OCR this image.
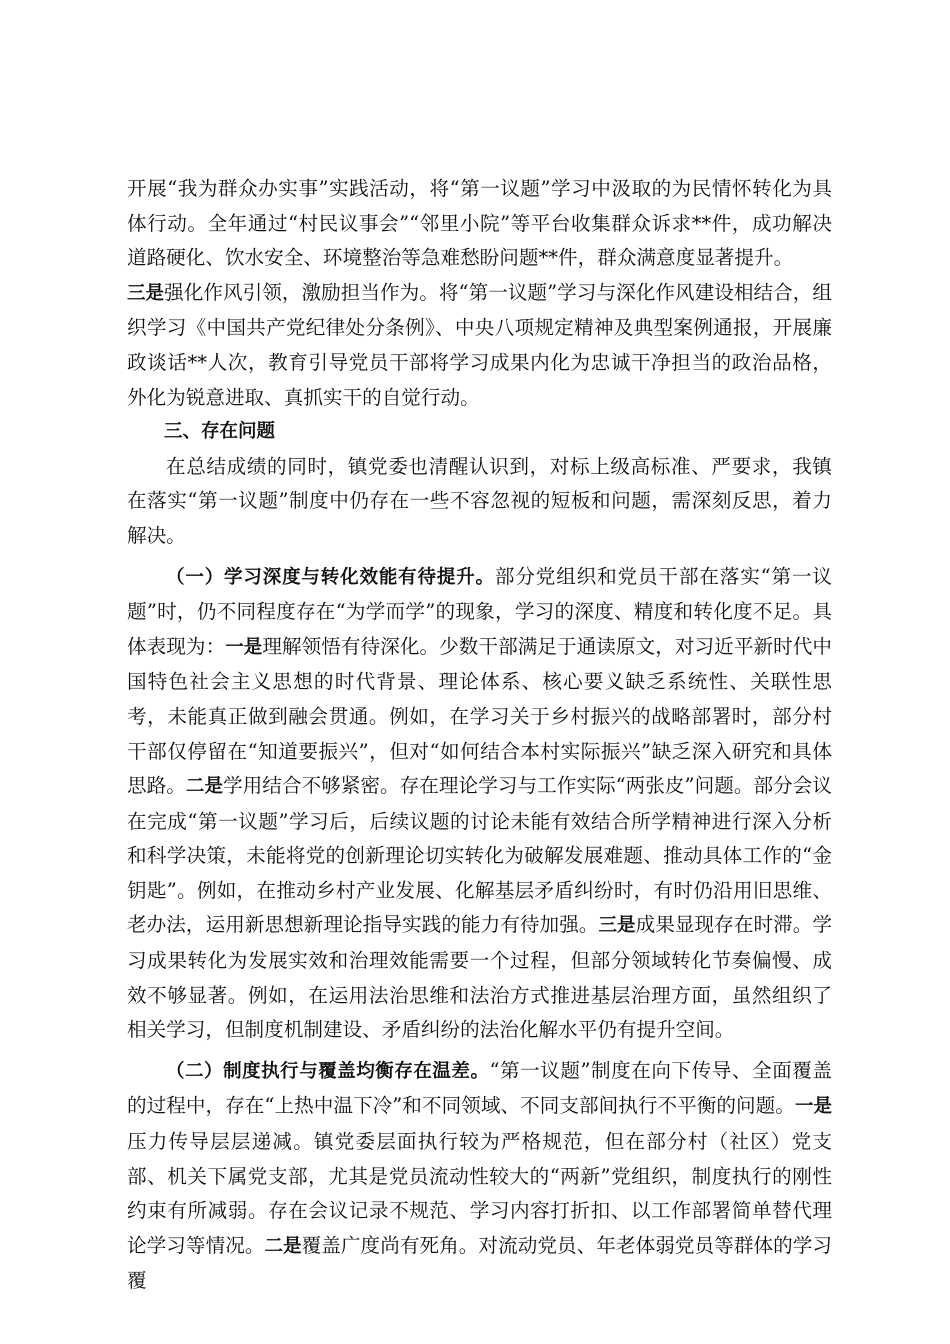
开展“我为群众办实事”实践活动，将“第一议题”学习中汲取的为民情怀转化为具体行动。全年通过“村民议事会”“邻里小院”等平台收集群众诉求**件，成功解决道路硬化、饮水安全、环境整治等急难愁盼问题**件，群众满意度显著提升。

三是强化作风引领，激励担当作为。将“第一议题”学习与深化作风建设相结合，组织学习《中国共产党纪律处分条例》、中央八项规定精神及典型案例通报，开展廉政谈话**人次，教育引导党员干部将学习成果内化为忠诚干净担当的政治品格，外化为锐意进取、真抓实干的自觉行动。

三、存在问题

在总结成绩的同时，镇党委也清醒认识到，对标上级高标准、严要求，我镇在落实“第一议题”制度中仍存在一些不容忽视的短板和问题，需深刻反思，着力解决。

（一）学习深度与转化效能有待提升。部分党组织和党员干部在落实“第一议题”时，仍不同程度存在“为学而学”的现象，学习的深度、精度和转化度不足。具体表现为：一是理解领悟有待深化。少数干部满足于通读原文，对习近平新时代中国特色社会主义思想的时代背景、理论体系、核心要义缺乏系统性、关联性思考，未能真正做到融会贯通。例如，在学习关于乡村振兴的战略部署时，部分村干部仅停留在“知道要振兴”，但对“如何结合本村实际振兴”缺乏深入研究和具体思路。二是学用结合不够紧密。存在理论学习与工作实际“两张皮”问题。部分会议在完成“第一议题”学习后，后续议题的讨论未能有效结合所学精神进行深入分析和科学决策，未能将党的创新理论切实转化为破解发展难题、推动具体工作的“金钥匙”。例如，在推动乡村产业发展、化解基层矛盾纠纷时，有时仍沿用旧思维、老办法，运用新思想新理论指导实践的能力有待加强。三是成果显现存在时滞。学习成果转化为发展实效和治理效能需要一个过程，但部分领域转化节奏偏慢、成效不够显著。例如，在运用法治思维和法治方式推进基层治理方面，虽然组织了相关学习，但制度机制建设、矛盾纠纷的法治化解水平仍有提升空间。

（二）制度执行与覆盖均衡存在温差。“第一议题”制度在向下传导、全面覆盖的过程中，存在“上热中温下冷”和不同领域、不同支部间执行不平衡的问题。一是压力传导层层递减。镇党委层面执行较为严格规范，但在部分村（社区）党支部、机关下属党支部，尤其是党员流动性较大的“两新”党组织，制度执行的刚性约束有所减弱。存在会议记录不规范、学习内容打折扣、以工作部署简单替代理论学习等情况。二是覆盖广度尚有死角。对流动党员、年老体弱党员等群体的学习覆
